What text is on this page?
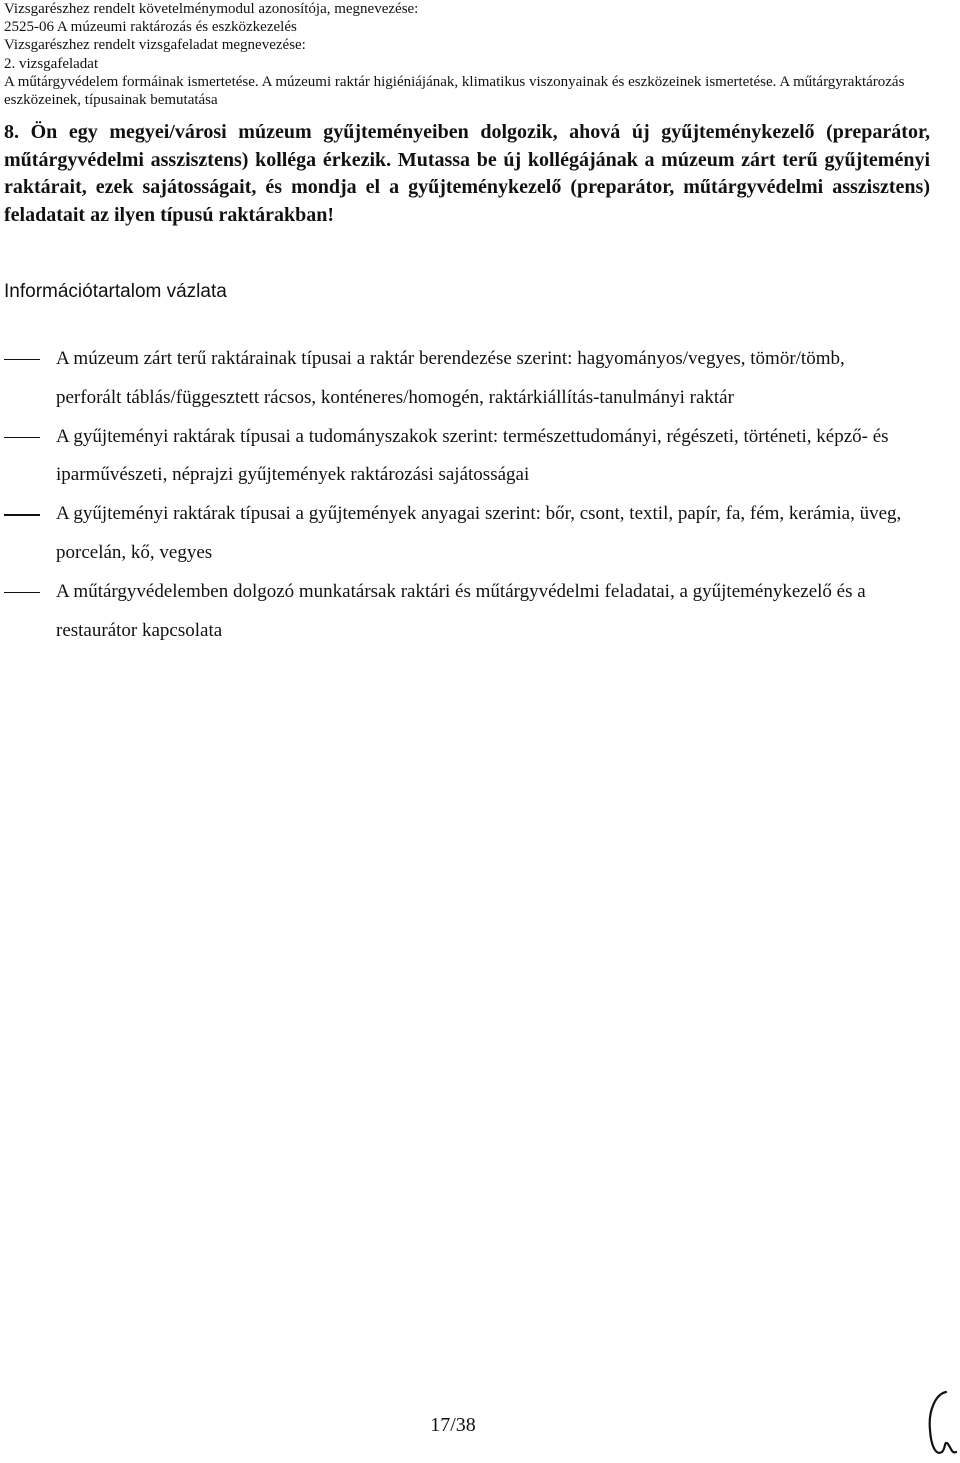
Vizsgarészhez rendelt követelménymodul azonosítója, megnevezése:
2525-06 A múzeumi raktározás és eszközkezelés
Vizsgarészhez rendelt vizsgafeladat megnevezése:
2. vizsgafeladat
A műtárgyvédelem formáinak ismertetése. A múzeumi raktár higiéniájának, klimatikus viszonyainak és eszközeinek ismertetése. A műtárgyraktározás eszközeinek, típusainak bemutatása

8. Ön egy megyei/városi múzeum gyűjteményeiben dolgozik, ahová új gyűjteménykezelő (preparátor, műtárgyvédelmi asszisztens) kolléga érkezik. Mutassa be új kollégájának a múzeum zárt terű gyűjteményi raktárait, ezek sajátosságait, és mondja el a gyűjteménykezelő (preparátor, műtárgyvédelmi asszisztens) feladatait az ilyen típusú raktárakban!

Információtartalom vázlata
A múzeum zárt terű raktárainak típusai a raktár berendezése szerint: hagyományos/vegyes, tömör/tömb, perforált táblás/függesztett rácsos, konténeres/homogén, raktárkiállítás-tanulmányi raktár
A gyűjteményi raktárak típusai a tudományszakok szerint: természettudományi, régészeti, történeti, képző- és iparművészeti, néprajzi gyűjtemények raktározási sajátosságai
A gyűjteményi raktárak típusai a gyűjtemények anyagai szerint: bőr, csont, textil, papír, fa, fém, kerámia, üveg, porcelán, kő, vegyes
A műtárgyvédelemben dolgozó munkatársak raktári és műtárgyvédelmi feladatai, a gyűjteménykezelő és a restaurátor kapcsolata
17/38
